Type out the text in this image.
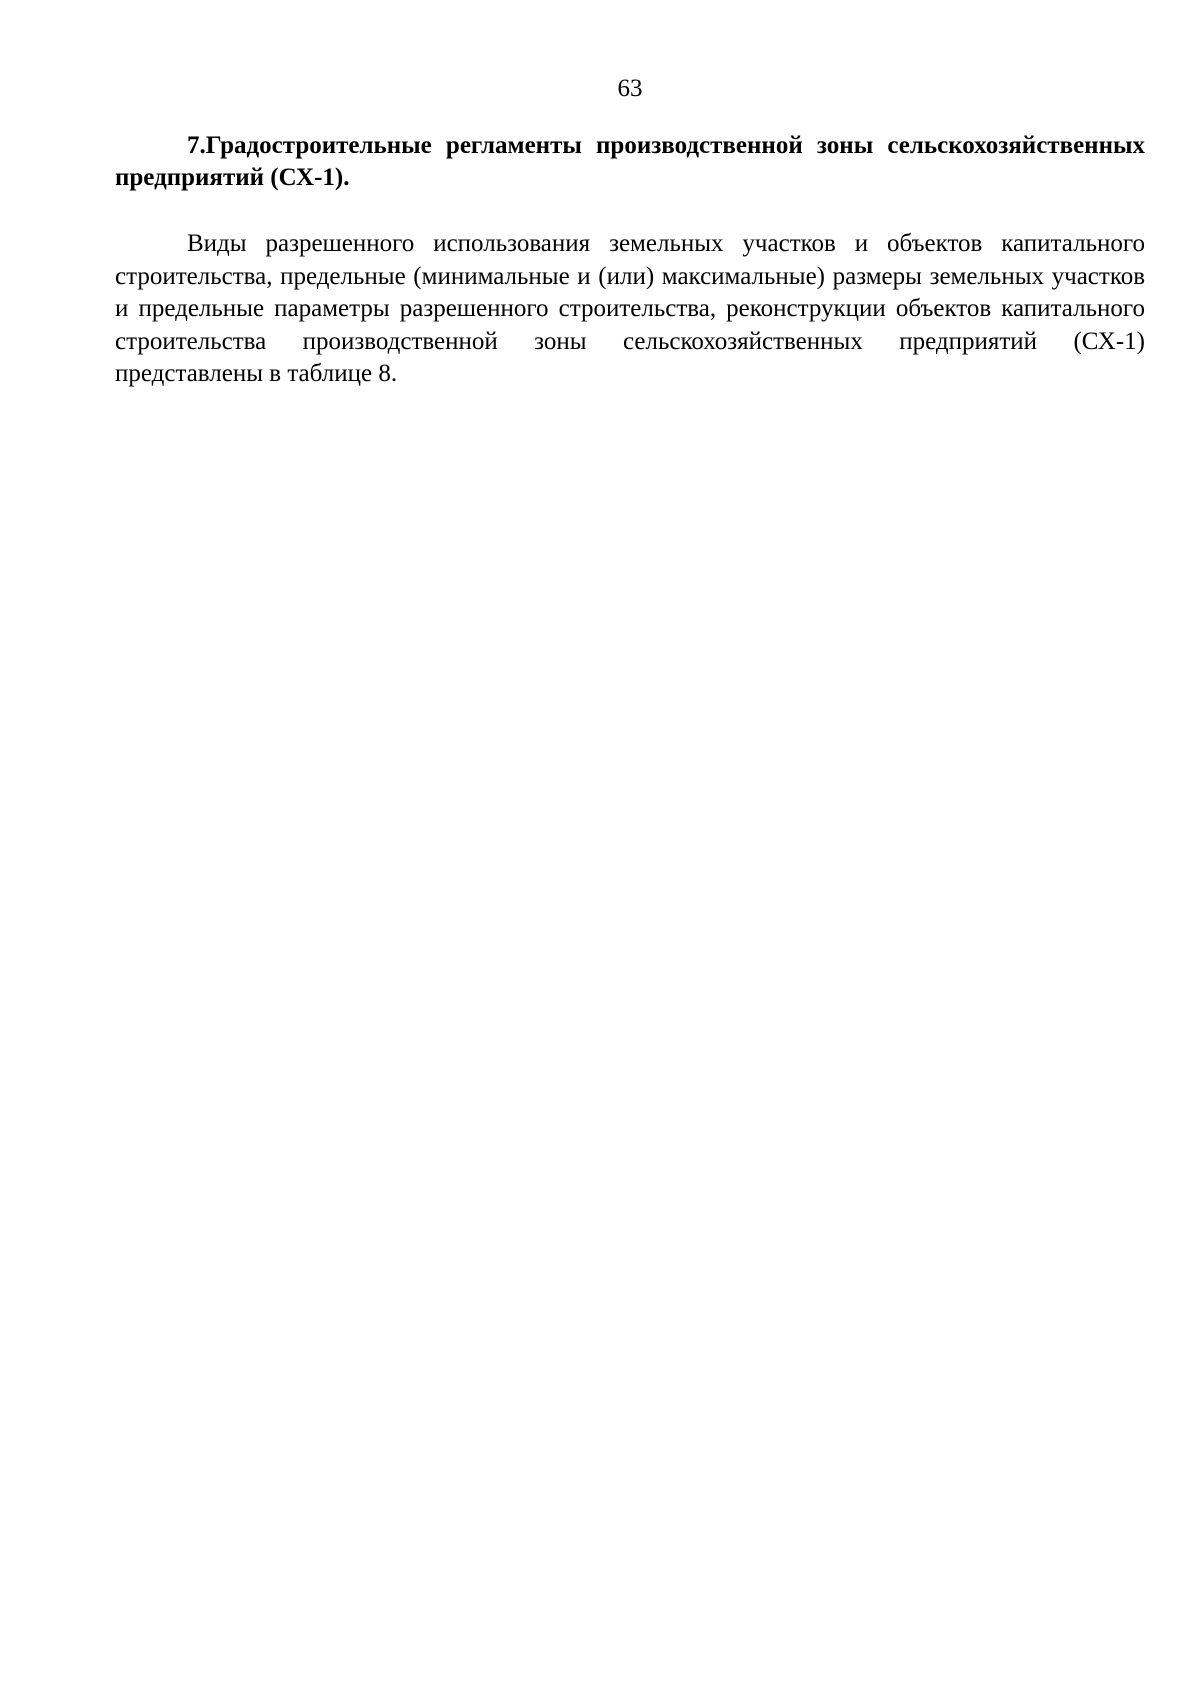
63
7.Градостроительные регламенты производственной зоны сельскохозяйственных предприятий (СХ-1).
Виды разрешенного использования земельных участков и объектов капитального строительства, предельные (минимальные и (или) максимальные) размеры земельных участков и предельные параметры разрешенного строительства, реконструкции объектов капитального строительства производственной зоны сельскохозяйственных предприятий (СХ-1) представлены в таблице 8.
